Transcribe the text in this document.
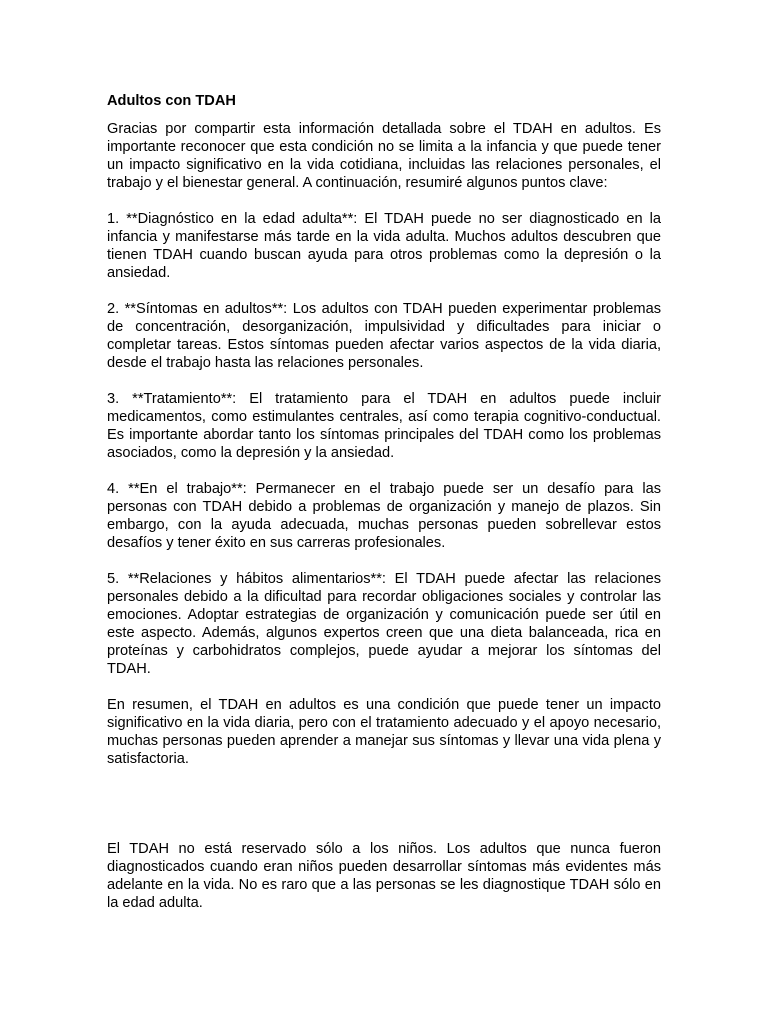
Adultos con TDAH

Gracias por compartir esta información detallada sobre el TDAH en adultos. Es importante reconocer que esta condición no se limita a la infancia y que puede tener un impacto significativo en la vida cotidiana, incluidas las relaciones personales, el trabajo y el bienestar general. A continuación, resumiré algunos puntos clave:

1. **Diagnóstico en la edad adulta**: El TDAH puede no ser diagnosticado en la infancia y manifestarse más tarde en la vida adulta. Muchos adultos descubren que tienen TDAH cuando buscan ayuda para otros problemas como la depresión o la ansiedad.

2. **Síntomas en adultos**: Los adultos con TDAH pueden experimentar problemas de concentración, desorganización, impulsividad y dificultades para iniciar o completar tareas. Estos síntomas pueden afectar varios aspectos de la vida diaria, desde el trabajo hasta las relaciones personales.

3. **Tratamiento**: El tratamiento para el TDAH en adultos puede incluir medicamentos, como estimulantes centrales, así como terapia cognitivo-conductual. Es importante abordar tanto los síntomas principales del TDAH como los problemas asociados, como la depresión y la ansiedad.

4. **En el trabajo**: Permanecer en el trabajo puede ser un desafío para las personas con TDAH debido a problemas de organización y manejo de plazos. Sin embargo, con la ayuda adecuada, muchas personas pueden sobrellevar estos desafíos y tener éxito en sus carreras profesionales.

5. **Relaciones y hábitos alimentarios**: El TDAH puede afectar las relaciones personales debido a la dificultad para recordar obligaciones sociales y controlar las emociones. Adoptar estrategias de organización y comunicación puede ser útil en este aspecto. Además, algunos expertos creen que una dieta balanceada, rica en proteínas y carbohidratos complejos, puede ayudar a mejorar los síntomas del TDAH.

En resumen, el TDAH en adultos es una condición que puede tener un impacto significativo en la vida diaria, pero con el tratamiento adecuado y el apoyo necesario, muchas personas pueden aprender a manejar sus síntomas y llevar una vida plena y satisfactoria.

El TDAH no está reservado sólo a los niños. Los adultos que nunca fueron diagnosticados cuando eran niños pueden desarrollar síntomas más evidentes más adelante en la vida. No es raro que a las personas se les diagnostique TDAH sólo en la edad adulta.
